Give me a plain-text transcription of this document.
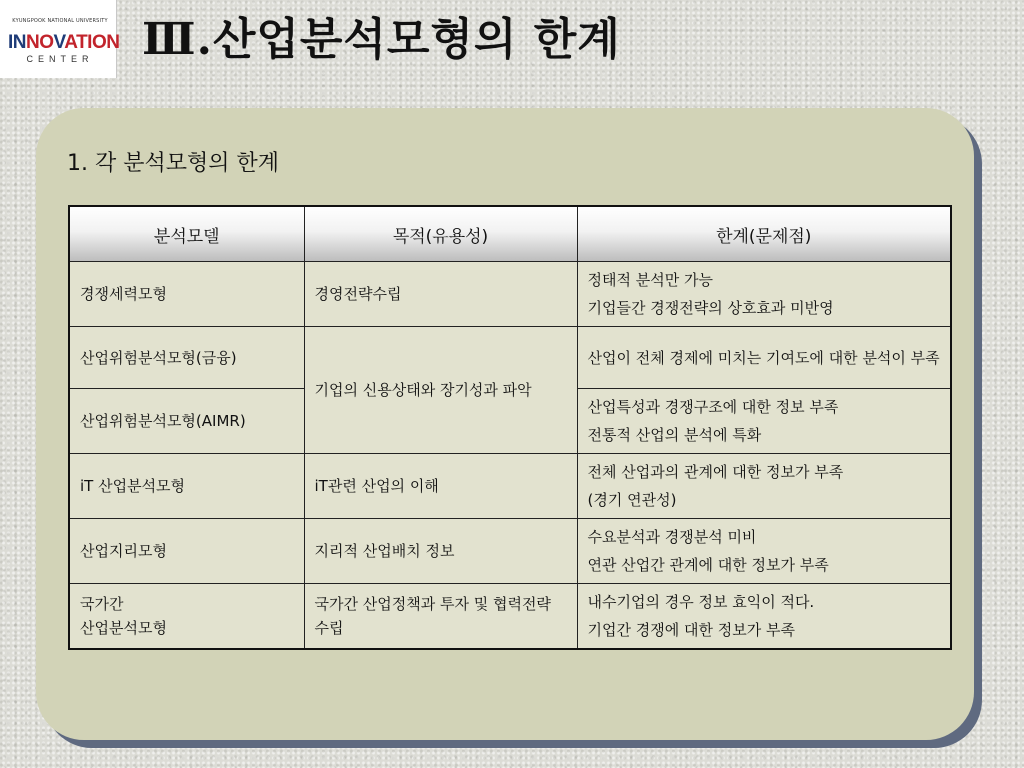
KYUNGPOOK NATIONAL UNIVERSITY
INNOVATION
CENTER	Ⅲ.산업분석모형의 한계
1. 각 분석모형의 한계
분석모델	목적(유용성)	한계(문제점)

경쟁세력모형	경영전략수립	정태적 분석만 가능
기업들간 경쟁전략의 상호효과 미반영

산업위험분석모형(금융)	기업의 신용상태와 장기성과 파악	산업이 전체 경제에 미치는 기여도에 대한 분석이 부족

산업위험분석모형(AIMR)		산업특성과 경쟁구조에 대한 정보 부족
전통적 산업의 분석에 특화

iT 산업분석모형	iT관련 산업의 이해	전체 산업과의 관계에 대한 정보가 부족
(경기 연관성)

산업지리모형	지리적 산업배치 정보	수요분석과 경쟁분석 미비
연관 산업간 관계에 대한 정보가 부족

국가간
산업분석모형	국가간 산업정책과 투자 및 협력전략 수립	내수기업의 경우 정보 효익이 적다.
기업간 경쟁에 대한 정보가 부족
